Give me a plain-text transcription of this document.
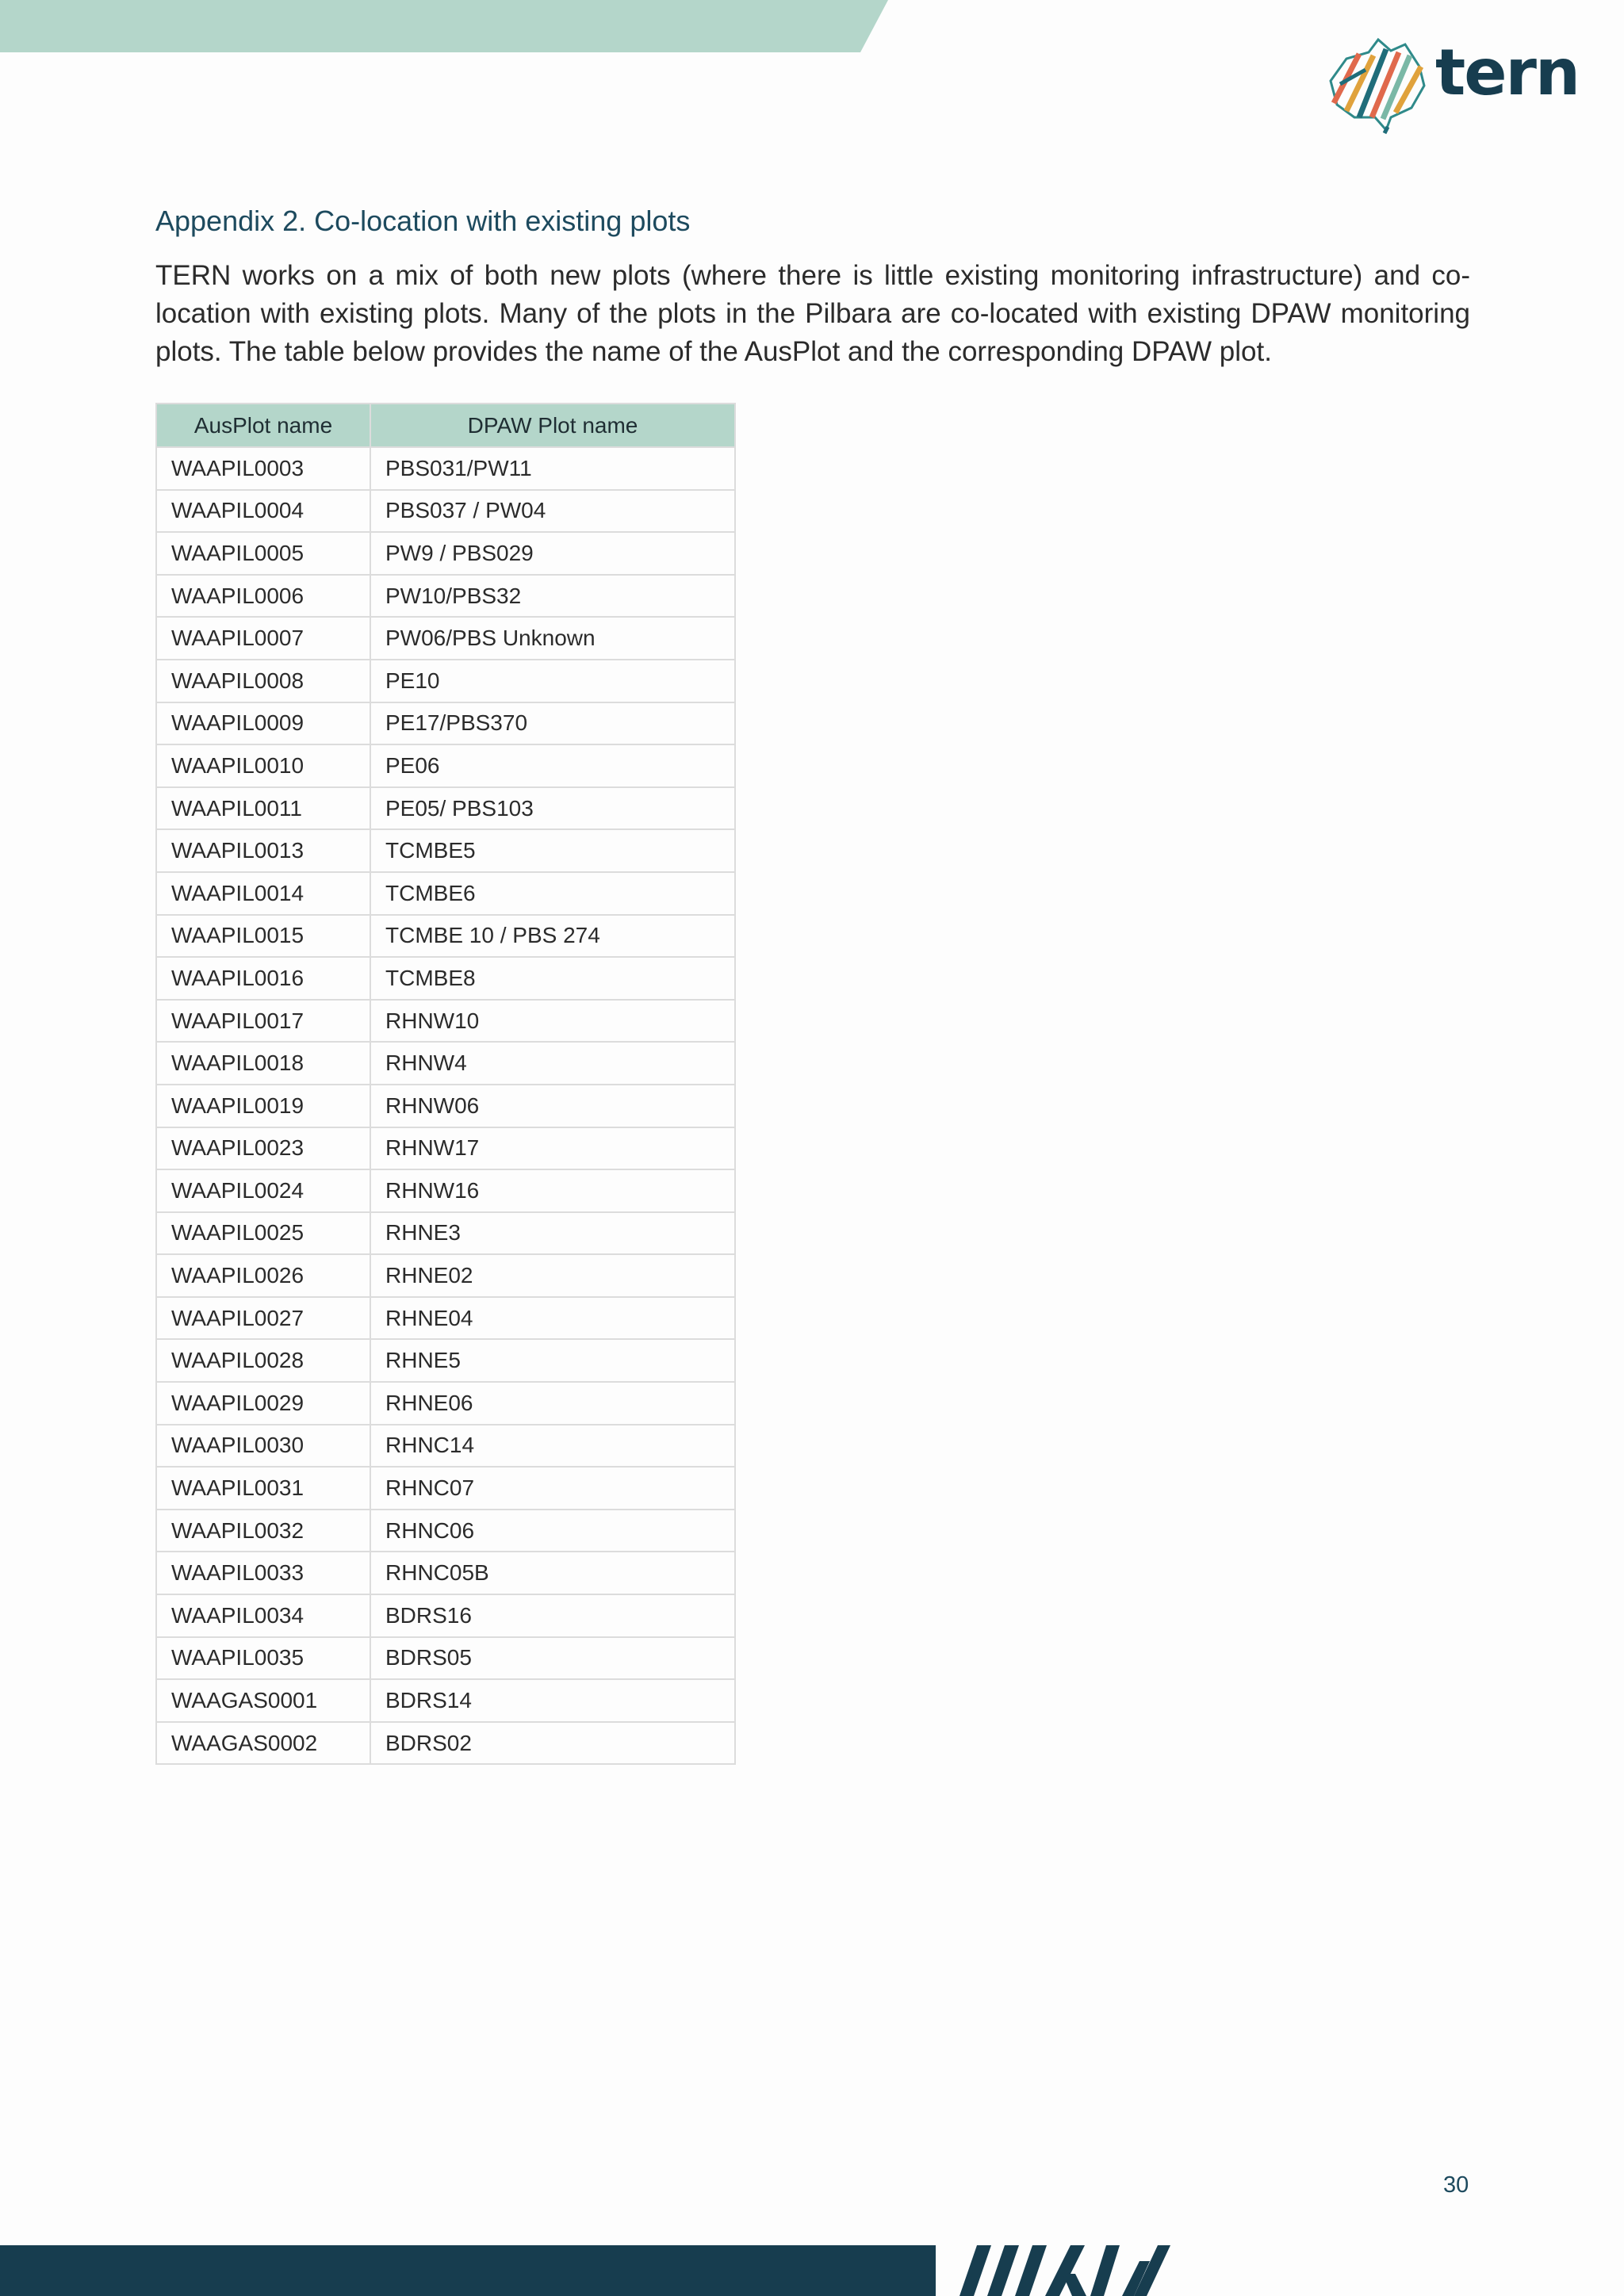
tern
Appendix 2. Co-location with existing plots

TERN works on a mix of both new plots (where there is little existing monitoring infrastructure) and co-location with existing plots. Many of the plots in the Pilbara are co-located with existing DPAW monitoring plots. The table below provides the name of the AusPlot and the corresponding DPAW plot.

AusPlot name	DPAW Plot name
WAAPIL0003	PBS031/PW11
WAAPIL0004	PBS037 / PW04
WAAPIL0005	PW9 / PBS029
WAAPIL0006	PW10/PBS32
WAAPIL0007	PW06/PBS Unknown
WAAPIL0008	PE10
WAAPIL0009	PE17/PBS370
WAAPIL0010	PE06
WAAPIL0011	PE05/ PBS103
WAAPIL0013	TCMBE5
WAAPIL0014	TCMBE6
WAAPIL0015	TCMBE 10 / PBS 274
WAAPIL0016	TCMBE8
WAAPIL0017	RHNW10
WAAPIL0018	RHNW4
WAAPIL0019	RHNW06
WAAPIL0023	RHNW17
WAAPIL0024	RHNW16
WAAPIL0025	RHNE3
WAAPIL0026	RHNE02
WAAPIL0027	RHNE04
WAAPIL0028	RHNE5
WAAPIL0029	RHNE06
WAAPIL0030	RHNC14
WAAPIL0031	RHNC07
WAAPIL0032	RHNC06
WAAPIL0033	RHNC05B
WAAPIL0034	BDRS16
WAAPIL0035	BDRS05
WAAGAS0001	BDRS14
WAAGAS0002	BDRS02
30
